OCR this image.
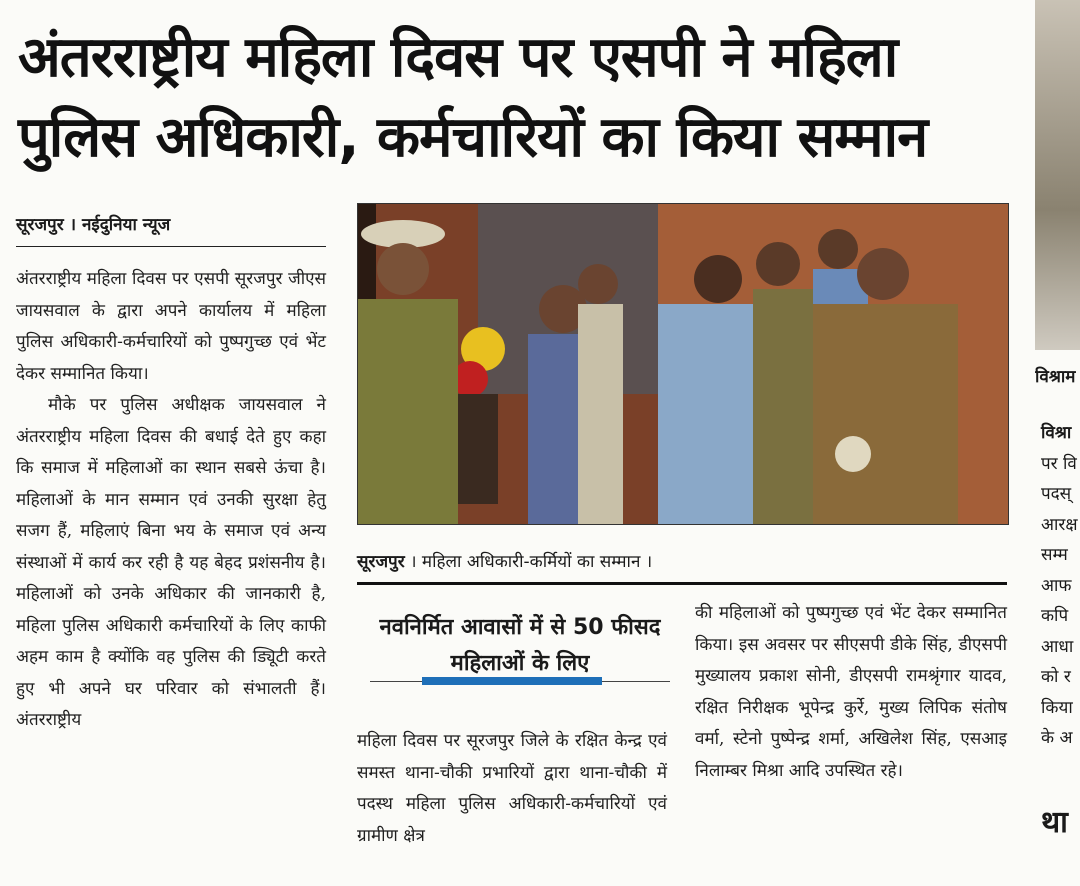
अंतरराष्ट्रीय महिला दिवस पर एसपी ने महिला
पुलिस अधिकारी, कर्मचारियों का किया सम्मान
सूरजपुर । नईदुनिया न्यूज

अंतरराष्ट्रीय महिला दिवस पर एसपी सूरजपुर जीएस जायसवाल के द्वारा अपने कार्यालय में महिला पुलिस अधिकारी-कर्मचारियों को पुष्पगुच्छ एवं भेंट देकर सम्मानित किया।

मौके पर पुलिस अधीक्षक जायसवाल ने अंतरराष्ट्रीय महिला दिवस की बधाई देते हुए कहा कि समाज में महिलाओं का स्थान सबसे ऊंचा है। महिलाओं के मान सम्मान एवं उनकी सुरक्षा हेतु सजग हैं, महिलाएं बिना भय के समाज एवं अन्य संस्थाओं में कार्य कर रही है यह बेहद प्रशंसनीय है। महिलाओं को उनके अधिकार की जानकारी है, महिला पुलिस अधिकारी कर्मचारियों के लिए काफी अहम काम है क्योंकि वह पुलिस की ड्यिूटी करते हुए भी अपने घर परिवार को संभालती हैं। अंतरराष्ट्रीय

सूरजपुर । महिला अधिकारी-कर्मियों का सम्मान ।
नवनिर्मित आवासों में से 50 फीसद महिलाओं के लिए

महिला दिवस पर सूरजपुर जिले के रक्षित केन्द्र एवं समस्त थाना-चौकी प्रभारियों द्वारा थाना-चौकी में पदस्थ महिला पुलिस अधिकारी-कर्मचारियों एवं ग्रामीण क्षेत्र

की महिलाओं को पुष्पगुच्छ एवं भेंट देकर सम्मानित किया। इस अवसर पर सीएसपी डीके सिंह, डीएसपी मुख्यालय प्रकाश सोनी, डीएसपी रामश्रृंगार यादव, रक्षित निरीक्षक भूपेन्द्र कुर्रे, मुख्य लिपिक संतोष वर्मा, स्टेनो पुष्पेन्द्र शर्मा, अखिलेश सिंह, एसआइ निलाम्बर मिश्रा आदि उपस्थित रहे।

विश्राम
विश्रा
पर वि
पदस्
आरक्ष
सम्म
आफ
कपि
आधा
को र
किया
के अ
था
